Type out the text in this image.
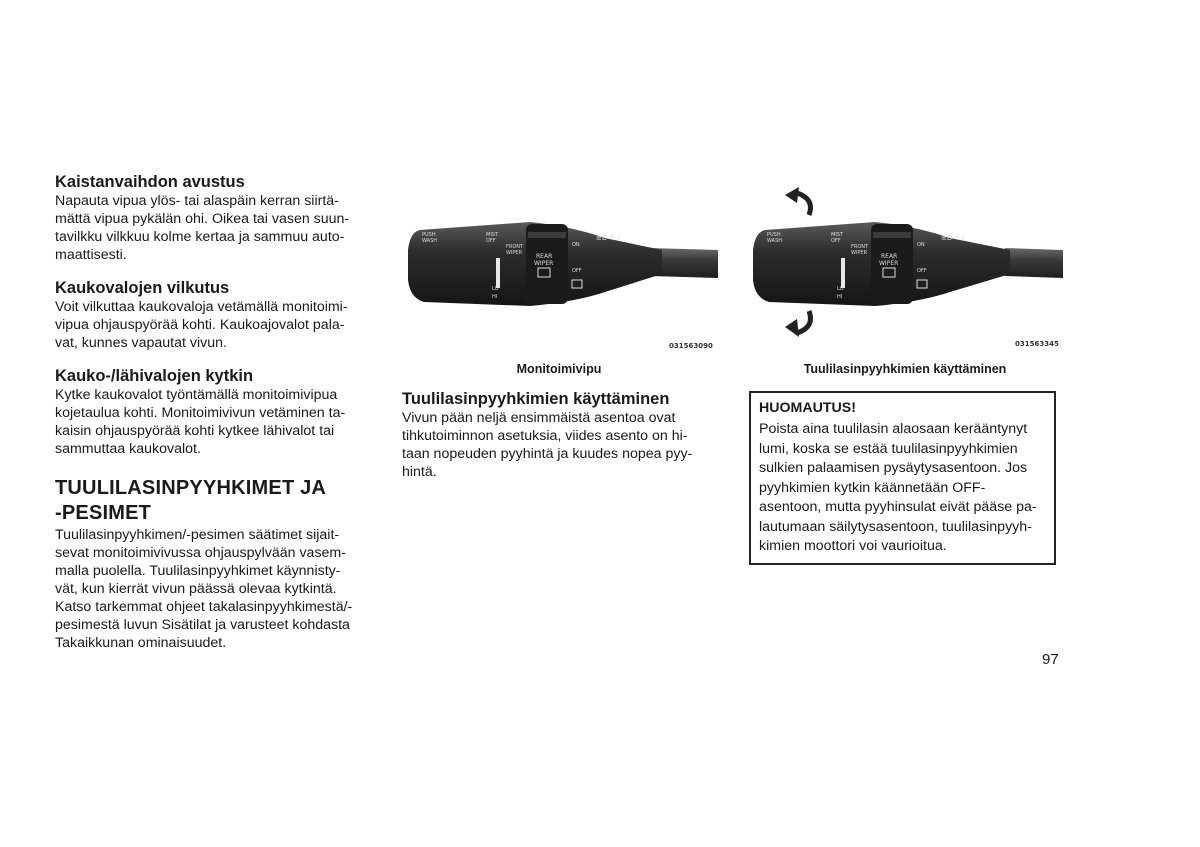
Kaistanvaihdon avustus

Napauta vipua ylös- tai alaspäin kerran siirtä-

mättä vipua pykälän ohi. Oikea tai vasen suun-

tavilkku vilkkuu kolme kertaa ja sammuu auto-

maattisesti.

Kaukovalojen vilkutus

Voit vilkuttaa kaukovaloja vetämällä monitoimi-

vipua ohjauspyörää kohti. Kaukoajovalot pala-

vat, kunnes vapautat vivun.

Kauko-/lähivalojen kytkin

Kytke kaukovalot työntämällä monitoimivipua

kojetaulua kohti. Monitoimivivun vetäminen ta-

kaisin ohjauspyörää kohti kytkee lähivalot tai

sammuttaa kaukovalot.

TUULILASINPYYHKIMET JA

-PESIMET

Tuulilasinpyyhkimen/-pesimen säätimet sijait-

sevat monitoimivivussa ohjauspylvään vasem-

malla puolella. Tuulilasinpyyhkimet käynnisty-

vät, kun kierrät vivun päässä olevaa kytkintä.

Katso tarkemmat ohjeet takalasinpyyhkimestä/-

pesimestä luvun Sisätilat ja varusteet kohdasta

Takaikkunan ominaisuudet.

PUSH
WASH
MIST
OFF
FRONT
WIPER REAR
WIPER
ON
OFF
LO
HI
≡D ↑↓
031563090
Monitoimivipu
PUSH
WASH
MIST
OFF
FRONT
WIPER REAR
WIPER
ON
OFF
LO
HI
≡D ↑↓
031563345
Tuulilasinpyyhkimien käyttäminen

Tuulilasinpyyhkimien käyttäminen

Vivun pään neljä ensimmäistä asentoa ovat

tihkutoiminnon asetuksia, viides asento on hi-

taan nopeuden pyyhintä ja kuudes nopea pyy-

hintä.

HUOMAUTUS!

Poista aina tuulilasin alaosaan kerääntynyt

lumi, koska se estää tuulilasinpyyhkimien

sulkien palaamisen pysäytysasentoon. Jos

pyyhkimien kytkin käännetään OFF-

asentoon, mutta pyyhinsulat eivät pääse pa-

lautumaan säilytysasentoon, tuulilasinpyyh-

kimien moottori voi vaurioitua.

97
